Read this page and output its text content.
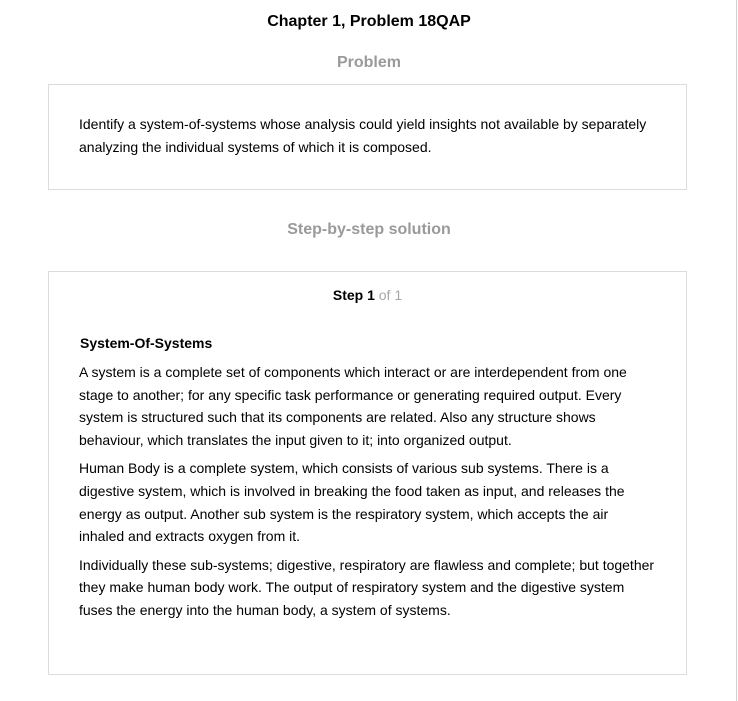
Chapter 1, Problem 18QAP
Problem
Identify a system-of-systems whose analysis could yield insights not available by separately analyzing the individual systems of which it is composed.
Step-by-step solution
Step 1 of 1
System-Of-Systems

A system is a complete set of components which interact or are interdependent from one stage to another; for any specific task performance or generating required output. Every system is structured such that its components are related. Also any structure shows behaviour, which translates the input given to it; into organized output.

Human Body is a complete system, which consists of various sub systems. There is a digestive system, which is involved in breaking the food taken as input, and releases the energy as output. Another sub system is the respiratory system, which accepts the air inhaled and extracts oxygen from it.

Individually these sub-systems; digestive, respiratory are flawless and complete; but together they make human body work. The output of respiratory system and the digestive system fuses the energy into the human body, a system of systems.
